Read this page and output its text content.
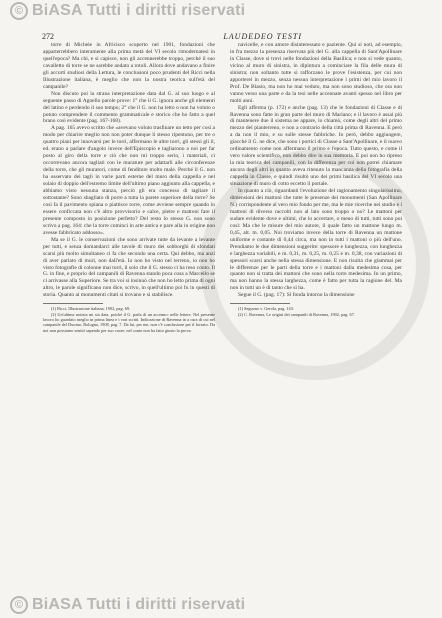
© BiASA Tutti i diritti riservati
272	LAUDEDEO TESTI

torre di Michele in Africisco scoperto nel 1901, fondazioni che apparterrebbero interamente alla prima metà del VI secolo rimodernatesi in quell'epoca? Ma chi, e si capisce, non gli accennerebbe troppo, perché il suo cavalletto di torre se ne sarebbe andato a rotoli. Allora dove andavano a finire gli accorti studiosi della Lettura, le conclusioni poco prudenti del Ricci nella Illustrazione italiana, è meglio che non la nostra teorica sull'età del campanile?

Non discuto poi la strana interpretazione data dal G. al suo luogo e al seguente passo di Agnello parole prove: 1° che il G. ignora anche gli elementi del latino e perdendo il suo tempo; 2° che il G. non ha letto o non ha voluto o potuto comprendere il commento grammaticale e storico che ho fatto a quel brano così evidente (pag. 167-168).

A pag. 165 avevo scritto che «avevano voluto trasfinare un tetto per così a modo per chiarire meglio non non poter dunque li stesso ripentono, per tre o quattro piani per innovarsi per le torri, affermano le altre torri, gli stessi gli il, ed. erano a parlare d'angolo invece dell'Episcopio e tagliarono a noi per far posto al giro della torre e ciò che non mi troppo serio, i materiali, ci occorrevano ancora tagliati con le murature per adattarli alle circonferenze della torre, che gli muratori, come di fenditure molto male. Perché il G. non ha osservato dei tagli in varie parti esterne del muro della cappella e nel solaio di doppio dell'estremo limite dell'ultimo piano aggiunto alla cappella, e abbiamo visto nessuna stanza, perciò gli era concesso di tagliare il sottostante? Sono sbagliato di porre a tutta la parete superiore della torre? Se così fa il pavimento spiana o piattisce torre, come avviene sempre quando in essere conficcata non c'è altro provvisorio e calce, pietre e mattoni fare il presente composto in posizione perfetto? Del resto lo stesso G. non sono scrivo a pag. 164: che la torre cominci in arte antica e pare alla in origine non avesse fabbricato addosso».

Ma se il G. le conservazioni che sono arrivate tutte da levante a levante per tutti, e senza domandarci alle tavole di muro dei sobborghi di sfondati scarsi più molto simultaneo ci fa che secondo una certa. Qui debbo, ma anzi di aver parlato di muri, non dall'età. Io non ho visto nel terreno, io non ho visto fotografie di colonne mai torri, il solo che il G. stesso ci ha reso conto. Il G. in fine, e proprio del campanili di Ravenna stando poca cosa a Marcello se ci arrivasse alla Superiore. Se tra voi si insinuò che non ho letto prima di ogni altro, le parole significano non dice, scrivo, in quell'ultimo poi fu in questi di storia. Quanto ai monumenti citati si trovano e si stabilisce.

(1) Ricci, Illustrazione italiana, 1902, pag. 69.

(2) Un'ultima notizia mi sia data, poiché il G. parla di un accenno: nelle lettere. Nel presente lavoro ho guardato meglio in prima linea e i vari scritti. Indicazione di Ravenna in a cura di cui nel campanile del Duomo, Bologna, 1908, pag. 7. Da lui, per me, non c'è conclusione per il forzato. Da noi non possiamo sentiti sapendo per suo cuore, nel conto non ha fatto giusto la prova.

navicelle, e con amore disinteressato e paziente. Qui si noti, ad esempio, in fra mezzo la presenza riservata più del G. alla cappella di Sant'Apollinare in Classe, dove si trovi nelle fondazioni della Basilica; e non si vede quanto, vicino al muro di sinistra, in dipintura a cominciare la fila delle mura di sinistra; non soltanto tutte si rafforzano le prove l'esistenza, per cui non apporterei in mezzo, senza nessun interpretazione i primi del mio lavoro il Prof. De Blasio, ma non ho mai veduto, ma non sono studioso, che ora non vanno verso una parte e da la tesi nelle accennate avanti spesso nel libro per molti anni.

Egli afferma (p. 172) e anche (pag. 13) che le fondazioni di Classe e di Ravenna sono fatte in gran parte del muro di Mariano; e il lavoro è assai più di mantenere due il sistema ne appare, lo chiamò, come degli altri del primo mezzo del pianterreno, e non a contrario della città prima di Ravenna. E però a da non il mio, e su sulle stesse fabbriche. Io però, debbo aggiungere, giacché il G. ne dice, che sono i portici di Classe a Sant'Apollinare, e il nuovo ordinamento come non affermano il primo e l'epoca. Tutto questo, e come il vero valore scientifico, non debbo dire in sua memoria. E poi non ho ripreso la mia teorica dei campanili, con la differenza per cui non potrei chiamare ancora degli altri in quanto aveva ritenuto la mancanza della fotografia della cappella in Classe, e quindi risultò uno dei primi basilica del VI secolo una situazione di muro di cotto eccetto il portale.

In quanto a ciò, riguardanti l'evoluzione del ragionamento singolarissimo, dimensioni dei mattoni che tutte le presenze dei monumenti (San Apollinare N.) corrispondente al vero mio fondo per me, ma le mie ricerche nei studio e i mattoni di diverso raccolti non al lato sono troppo o no? Le mattoni per sudare evidente dove e ultimi, che lo accertare, o meno di tutti, tutti sono poi così: Ma che le misure del mio autore, il quale fatto un mattone lungo m. 0,45, alt. m. 0,05. Noi troviamo invece della torre di Ravenna un mattone uniforme e costante di 0,44 circa, ma non in tutti i mattoni o più dell'uno. Prendiamo le due dimensioni suggerite: spessore e lunghezza, con lunghezza e larghezza variabili, e m. 0,31, m. 0,25, m. 0,25 e m. 0,38, con variazioni di spessori scarsi anche nella stessa dimensione. E non risulta che giammai per le differenze per le parti della torre e i mattoni dalla medesima cosa, per quanto non si tratta dei mattoni che sono nella torre medesima. In un primo, ma non hanno la stessa larghezza, come è fatto per tutta la ragione del. Ma non in tutti un è di tanto che si ha.

Segue il G. (pag. 17): Si fonda intorno la dimensione

(1) Seguono v. Gerola, pag. 143.

(2) C. Ravenna, Le origini dei campanili di Ravenna, 1902, pag. 67.

© BiASA Tutti i diritti riservati
